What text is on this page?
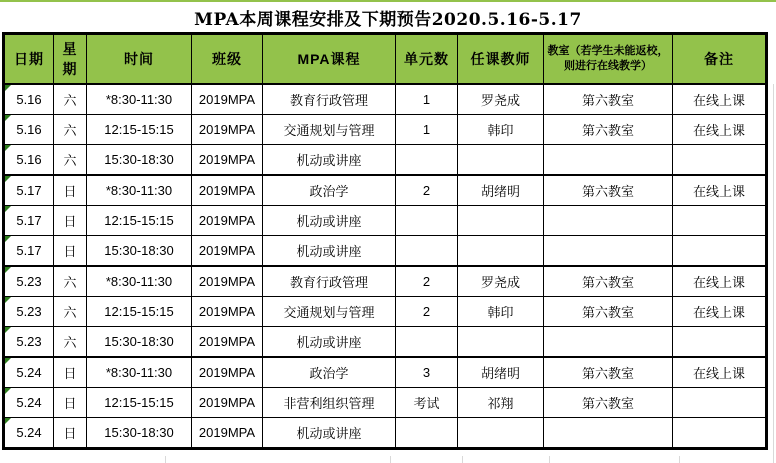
MPA本周课程安排及下期预告2020.5.16-5.17
日期	星期	时间	班级	MPA课程	单元数	任课教师	教室（若学生未能返校，则进行在线教学）	备注

5.16	六	*8:30-11:30	2019MPA	教育行政管理	1	罗尧成	第六教室	在线上课

5.16	六	12:15-15:15	2019MPA	交通规划与管理	1	韩印	第六教室	在线上课

5.16	六	15:30-18:30	2019MPA	机动或讲座				

5.17	日	*8:30-11:30	2019MPA	政治学	2	胡绪明	第六教室	在线上课

5.17	日	12:15-15:15	2019MPA	机动或讲座				

5.17	日	15:30-18:30	2019MPA	机动或讲座				

5.23	六	*8:30-11:30	2019MPA	教育行政管理	2	罗尧成	第六教室	在线上课

5.23	六	12:15-15:15	2019MPA	交通规划与管理	2	韩印	第六教室	在线上课

5.23	六	15:30-18:30	2019MPA	机动或讲座				

5.24	日	*8:30-11:30	2019MPA	政治学	3	胡绪明	第六教室	在线上课

5.24	日	12:15-15:15	2019MPA	非营利组织管理	考试	祁翔	第六教室	

5.24	日	15:30-18:30	2019MPA	机动或讲座				
